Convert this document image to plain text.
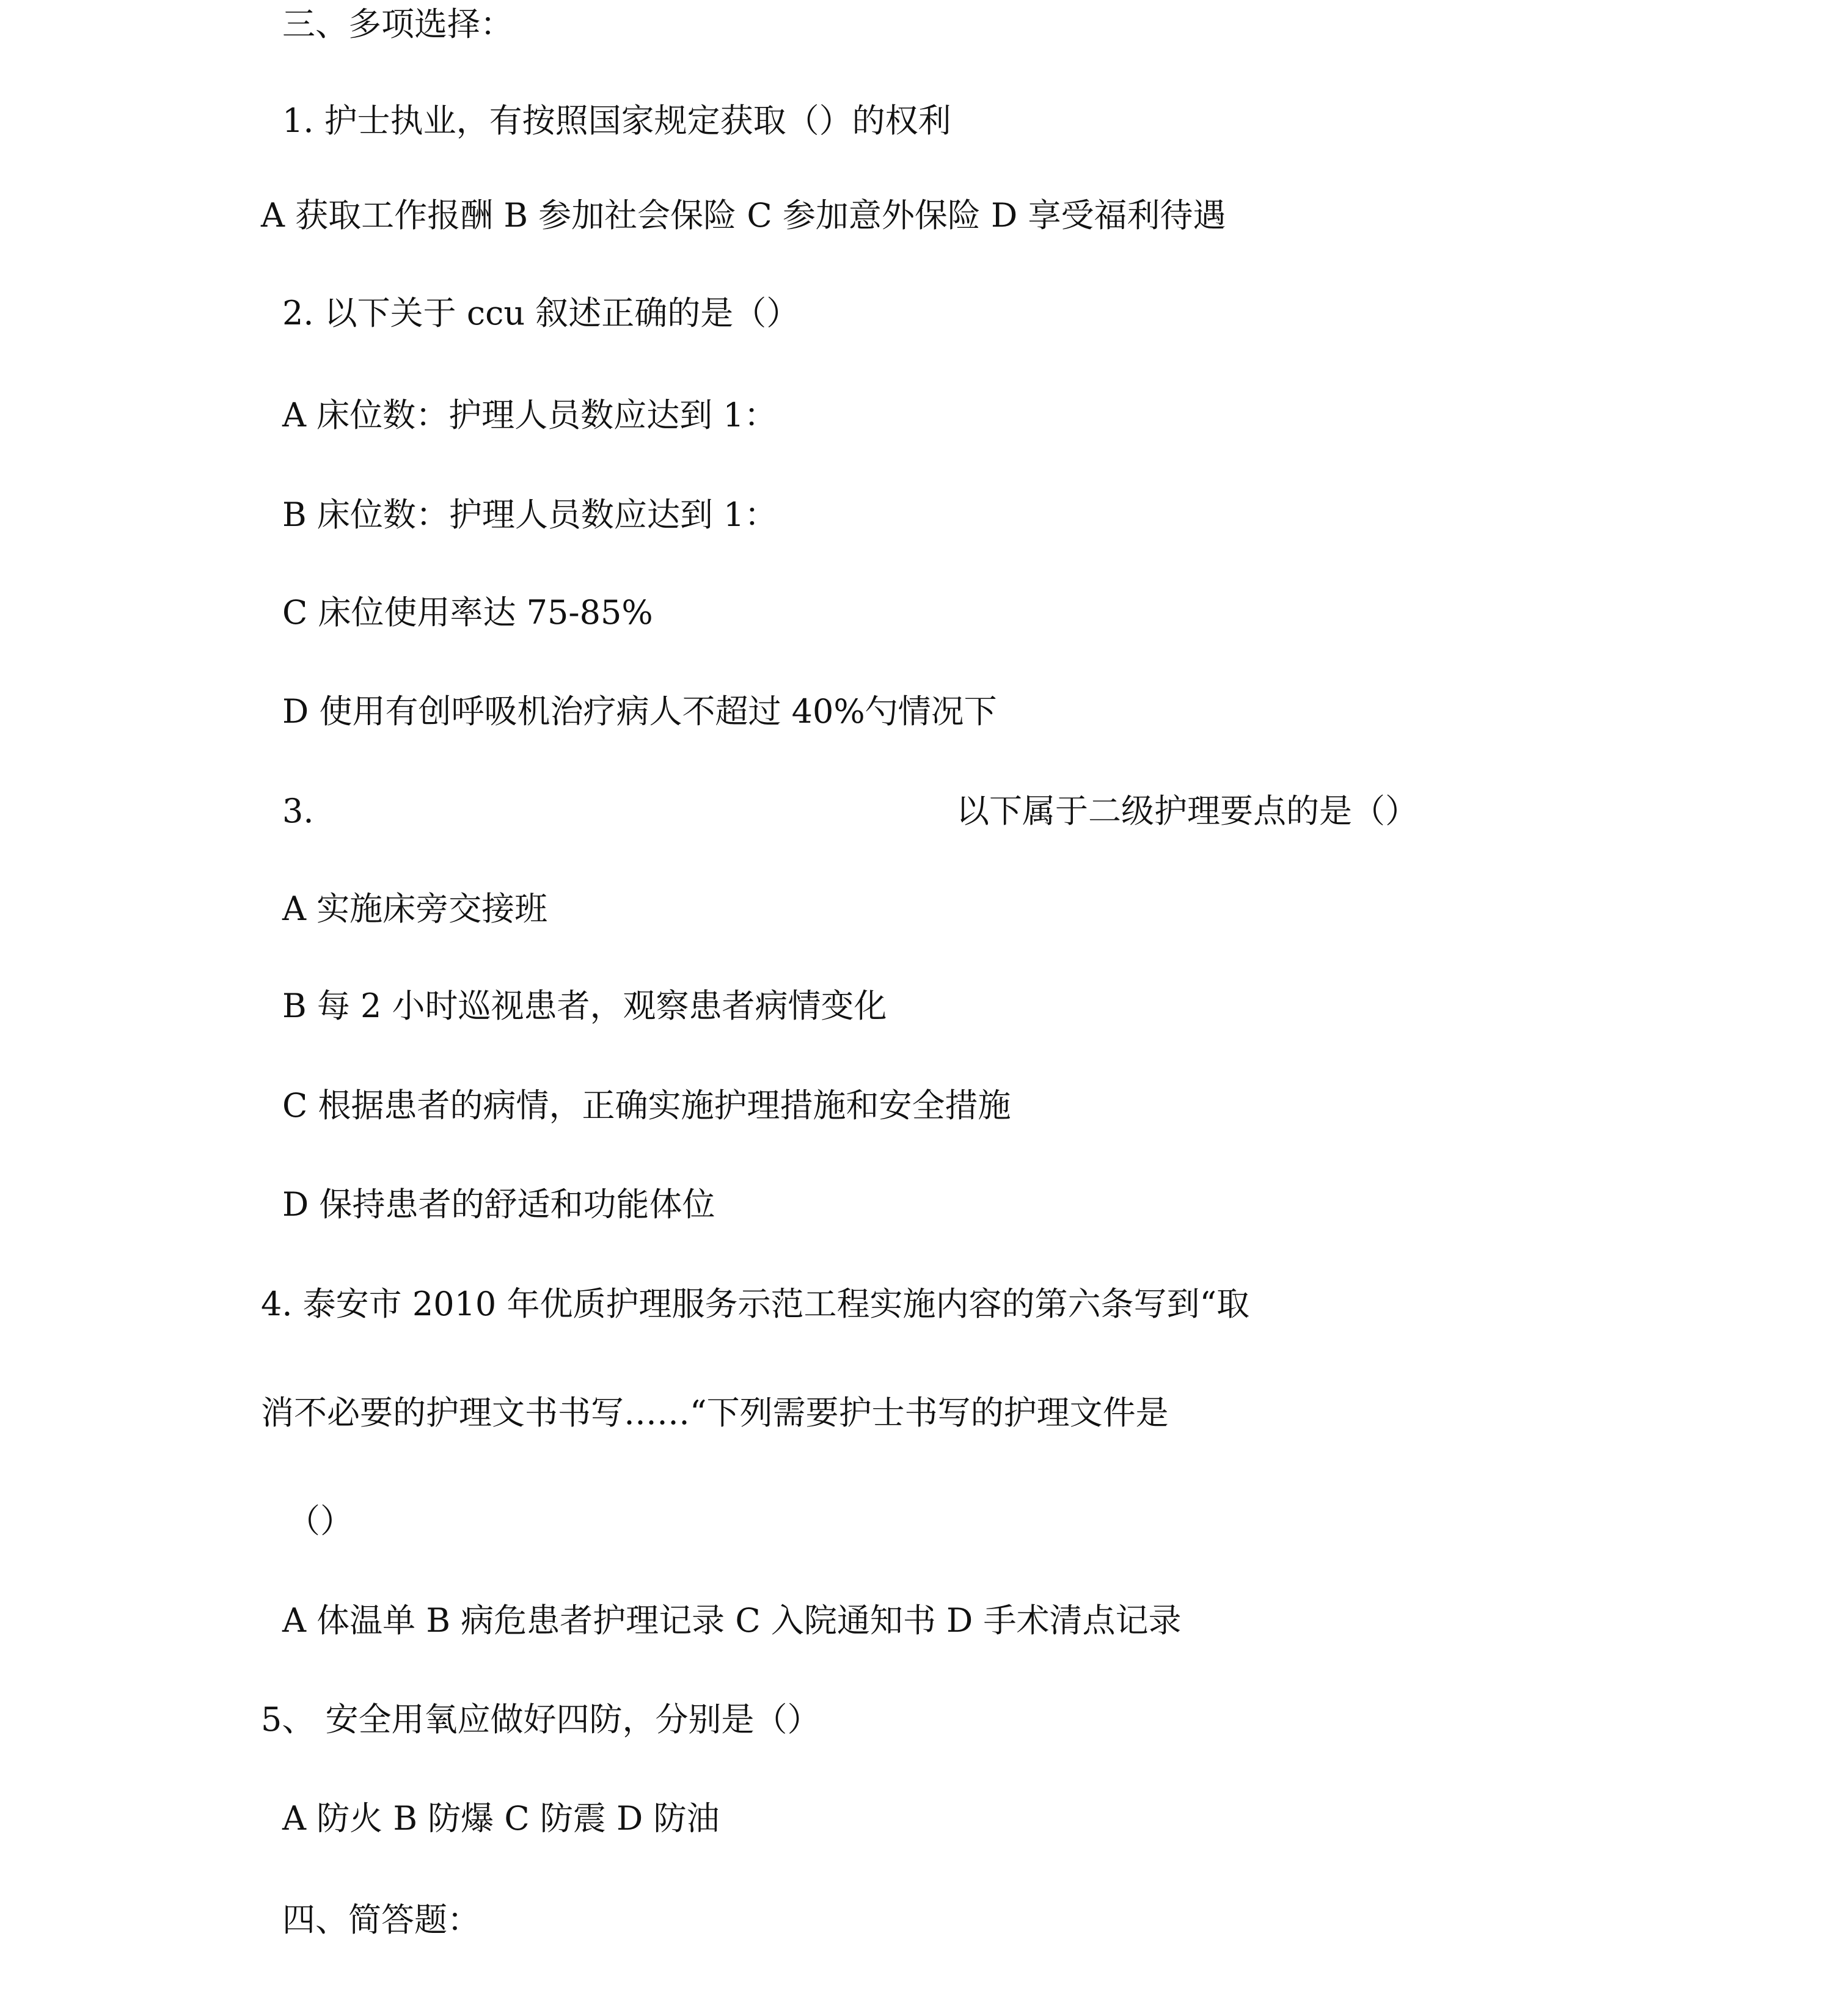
三、多项选择：

1. 护士执业，有按照国家规定获取（）的权利

A 获取工作报酬 B 参加社会保险 C 参加意外保险 D 享受福利待遇

2. 以下关于 ccu 叙述正确的是（）

A 床位数：护理人员数应达到 1：

B 床位数：护理人员数应达到 1：

C 床位使用率达 75-85%

D 使用有创呼吸机治疗病人不超过 40%勺情况下

3.	以下属于二级护理要点的是（）

A 实施床旁交接班

B 每 2 小时巡视患者，观察患者病情变化

C 根据患者的病情，正确实施护理措施和安全措施

D 保持患者的舒适和功能体位

4. 泰安市 2010 年优质护理服务示范工程实施内容的第六条写到“取

消不必要的护理文书书写……“下列需要护士书写的护理文件是

（）

A 体温单 B 病危患者护理记录 C 入院通知书 D 手术清点记录

5、 安全用氧应做好四防，分别是（）

A 防火 B 防爆 C 防震 D 防油

四、简答题：
